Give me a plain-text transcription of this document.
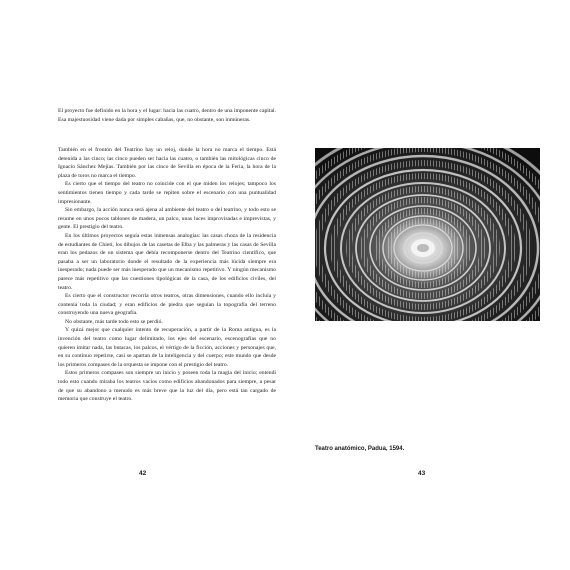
El proyecto fue definido en la hora y el lugar: hacia las cuatro, dentro de una imponente capital. Esa majestuosidad viene dada por simples cabañas, que, no obstante, son inmúneras.

También en el frontón del Teatrino hay un reloj, donde la hora no marca el tiempo. Está detenida a las cinco; las cinco pueden ser hacia las cuatro, o también las mitológicas cinco de Ignacio Sánchez Mejías. También por las cinco de Sevilla en época de la Feria, la hora de la plaza de toros no marca el tiempo.

Es cierto que el tiempo del teatro no coincide con el que miden los relojes; tampoco los sentimientos tienen tiempo y cada tarde se repiten sobre el escenario con una puntualidad impresionante.

Sin embargo, la acción nunca será ajena al ambiente del teatro o del teatrino, y todo esto se resume en unos pocos tablones de madera, un palco, unas luces improvisadas e imprevistas, y gente. El prestigio del teatro.

En los últimos proyectos seguía estas inmensas analogías: las casas choza de la residencia de estudiantes de Chieti, los dibujos de las casetas de Elba y las palmeras y las casas de Sevilla eran los pedazos de un sistema que debía recomponerse dentro del Teatrino científico, que pasaba a ser un laboratorio donde el resultado de la experiencia más lúcida siempre era inesperado; nada puede ser más inesperado que un mecanismo repetitivo. Y ningún mecanismo parece más repetitivo que las cuestiones tipológicas de la casa, de los edificios civiles, del teatro.

Es cierto que el constructor recorría otros teatros, otras dimensiones, cuando ello incluía y contenía toda la ciudad; y eran edificios de piedra que seguían la topografía del terreno construyendo una nueva geografía.

No obstante, más tarde todo esto se perdió.

Y quizá mejor que cualquier intento de recuperación, a partir de la Roma antigua, es la invención del teatro como lugar delimitado, los ejes del escenario, escenografías que no quieren imitar nada, las butacas, los palcos, el vértigo de la ficción, acciones y personajes que, en su continuo repetirse, casi se apartan de la inteligencia y del cuerpo; este mundo que desde los primeros compases de la orquesta se impone con el prestigio del teatro.

Estos primeros compases son siempre un inicio y poseen toda la magia del inicio; entendí todo esto cuando miraba los teatros vacíos como edificios abandonados para siempre, a pesar de que su abandono a menudo es más breve que la luz del día, pero está tan cargado de memoria que construye el teatro.

42
Teatro anatómico, Padua, 1594.
43
